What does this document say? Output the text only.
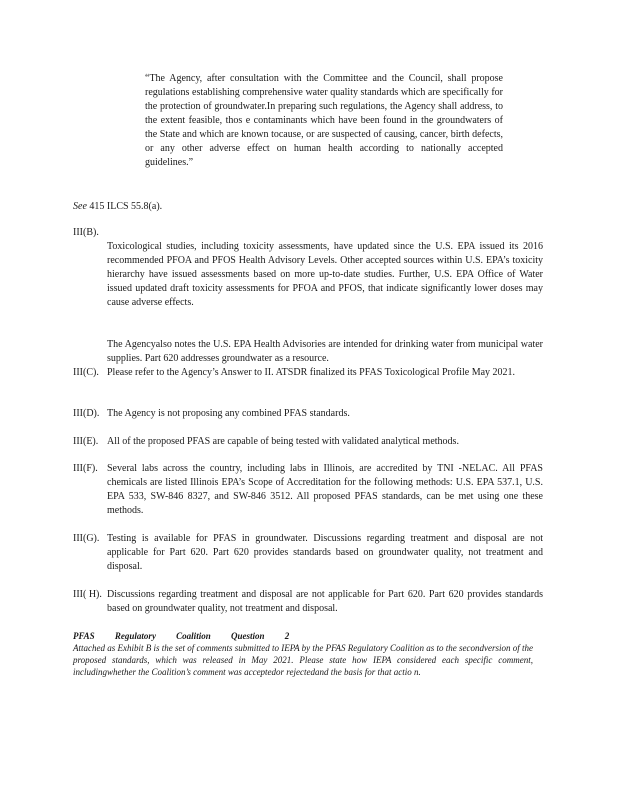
“The Agency, after consultation with the Committee and the Council, shall propose regulations establishing comprehensive water quality standards which are specifically for the protection of groundwater.In preparing such regulations, the Agency shall address, to the extent feasible, thos e contaminants which have been found in the groundwaters of the State and which are known tocause, or are suspected of causing, cancer, birth defects, or any other adverse effect on human health according to nationally accepted guidelines.”
See 415 ILCS 55.8(a).
III(B).

Toxicological studies, including toxicity assessments, have updated since the U.S. EPA issued its 2016 recommended PFOA and PFOS Health Advisory Levels. Other accepted sources within U.S. EPA’s toxicity hierarchy have issued assessments based on more up-to-date studies. Further, U.S. EPA Office of Water issued updated draft toxicity assessments for PFOA and PFOS, that indicate significantly lower doses may cause adverse effects.

The Agencyalso notes the U.S. EPA Health Advisories are intended for drinking water from municipal water supplies. Part 620 addresses groundwater as a resource.

III(C). Please refer to the Agency’s Answer to II. ATSDR finalized its PFAS Toxicological Profile May 2021.
III(D). The Agency is not proposing any combined PFAS standards.
III(E). All of the proposed PFAS are capable of being tested with validated analytical methods.
III(F). Several labs across the country, including labs in Illinois, are accredited by TNI -NELAC. All PFAS chemicals are listed Illinois EPA’s Scope of Accreditation for the following methods: U.S. EPA 537.1, U.S. EPA 533, SW-846 8327, and SW-846 3512. All proposed PFAS standards, can be met using one these methods.
III(G). Testing is available for PFAS in groundwater. Discussions regarding treatment and disposal are not applicable for Part 620. Part 620 provides standards based on groundwater quality, not treatment and disposal.
III( H). Discussions regarding treatment and disposal are not applicable for Part 620. Part 620 provides standards based on groundwater quality, not treatment and disposal.
PFAS Regulatory Coalition Question 2
Attached as Exhibit B is the set of comments submitted to IEPA by the PFAS Regulatory Coalition as to the secondversion of the proposed standards, which was released in May 2021. Please state how IEPA considered each specific comment, includingwhether the Coalition’s comment was acceptedor rejectedand the basis for that actio n.
